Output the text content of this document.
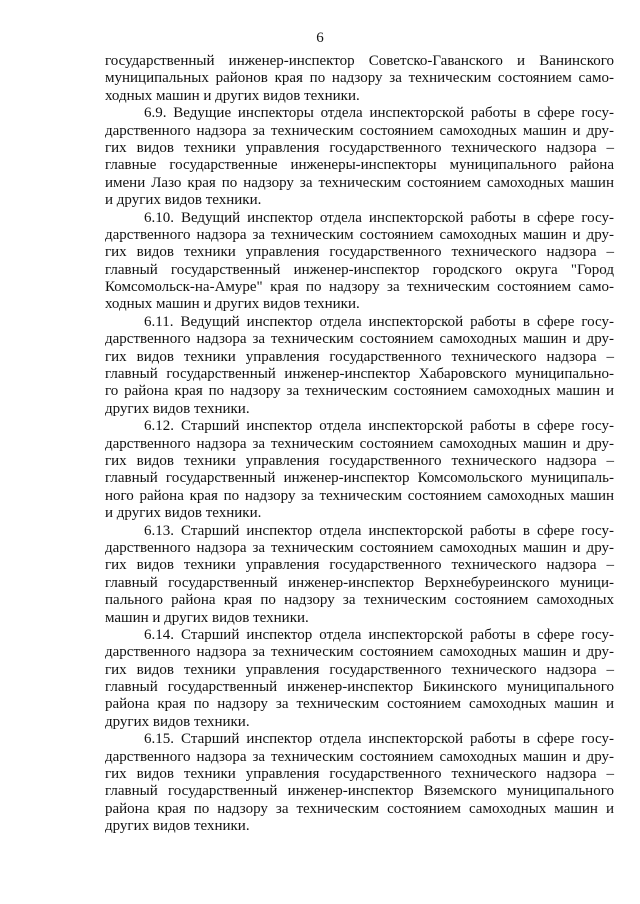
6
государственный инженер-инспектор Советско-Гаванского и Ванинского
муниципальных районов края по надзору за техническим состоянием само-
ходных машин и других видов техники.
6.9. Ведущие инспекторы отдела инспекторской работы в сфере госу-
дарственного надзора за техническим состоянием самоходных машин и дру-
гих видов техники управления государственного технического надзора –
главные государственные инженеры-инспекторы муниципального района
имени Лазо края по надзору за техническим состоянием самоходных машин
и других видов техники.
6.10. Ведущий инспектор отдела инспекторской работы в сфере госу-
дарственного надзора за техническим состоянием самоходных машин и дру-
гих видов техники управления государственного технического надзора –
главный государственный инженер-инспектор городского округа "Город
Комсомольск-на-Амуре" края по надзору за техническим состоянием само-
ходных машин и других видов техники.
6.11. Ведущий инспектор отдела инспекторской работы в сфере госу-
дарственного надзора за техническим состоянием самоходных машин и дру-
гих видов техники управления государственного технического надзора –
главный государственный инженер-инспектор Хабаровского муниципально-
го района края по надзору за техническим состоянием самоходных машин и
других видов техники.
6.12. Старший инспектор отдела инспекторской работы в сфере госу-
дарственного надзора за техническим состоянием самоходных машин и дру-
гих видов техники управления государственного технического надзора –
главный государственный инженер-инспектор Комсомольского муниципаль-
ного района края по надзору за техническим состоянием самоходных машин
и других видов техники.
6.13. Старший инспектор отдела инспекторской работы в сфере госу-
дарственного надзора за техническим состоянием самоходных машин и дру-
гих видов техники управления государственного технического надзора –
главный государственный инженер-инспектор Верхнебуреинского муници-
пального района края по надзору за техническим состоянием самоходных
машин и других видов техники.
6.14. Старший инспектор отдела инспекторской работы в сфере госу-
дарственного надзора за техническим состоянием самоходных машин и дру-
гих видов техники управления государственного технического надзора –
главный государственный инженер-инспектор Бикинского муниципального
района края по надзору за техническим состоянием самоходных машин и
других видов техники.
6.15. Старший инспектор отдела инспекторской работы в сфере госу-
дарственного надзора за техническим состоянием самоходных машин и дру-
гих видов техники управления государственного технического надзора –
главный государственный инженер-инспектор Вяземского муниципального
района края по надзору за техническим состоянием самоходных машин и
других видов техники.
